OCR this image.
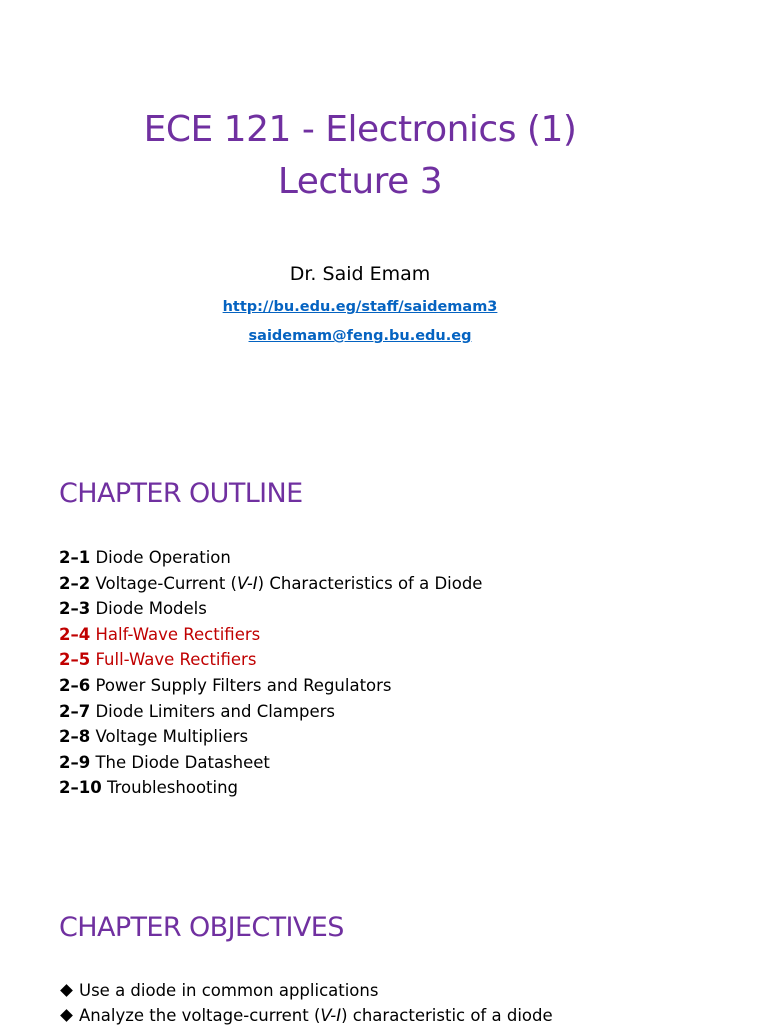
ECE 121 - Electronics (1)
Lecture 3
Dr. Said Emam
http://bu.edu.eg/staff/saidemam3
saidemam@feng.bu.edu.eg
CHAPTER OUTLINE
2–1 Diode Operation
2–2 Voltage-Current (V-I) Characteristics of a Diode
2–3 Diode Models
2–4 Half-Wave Rectifiers
2–5 Full-Wave Rectifiers
2–6 Power Supply Filters and Regulators
2–7 Diode Limiters and Clampers
2–8 Voltage Multipliers
2–9 The Diode Datasheet
2–10 Troubleshooting
CHAPTER OBJECTIVES
Use a diode in common applications
Analyze the voltage-current (V-I) characteristic of a diode
